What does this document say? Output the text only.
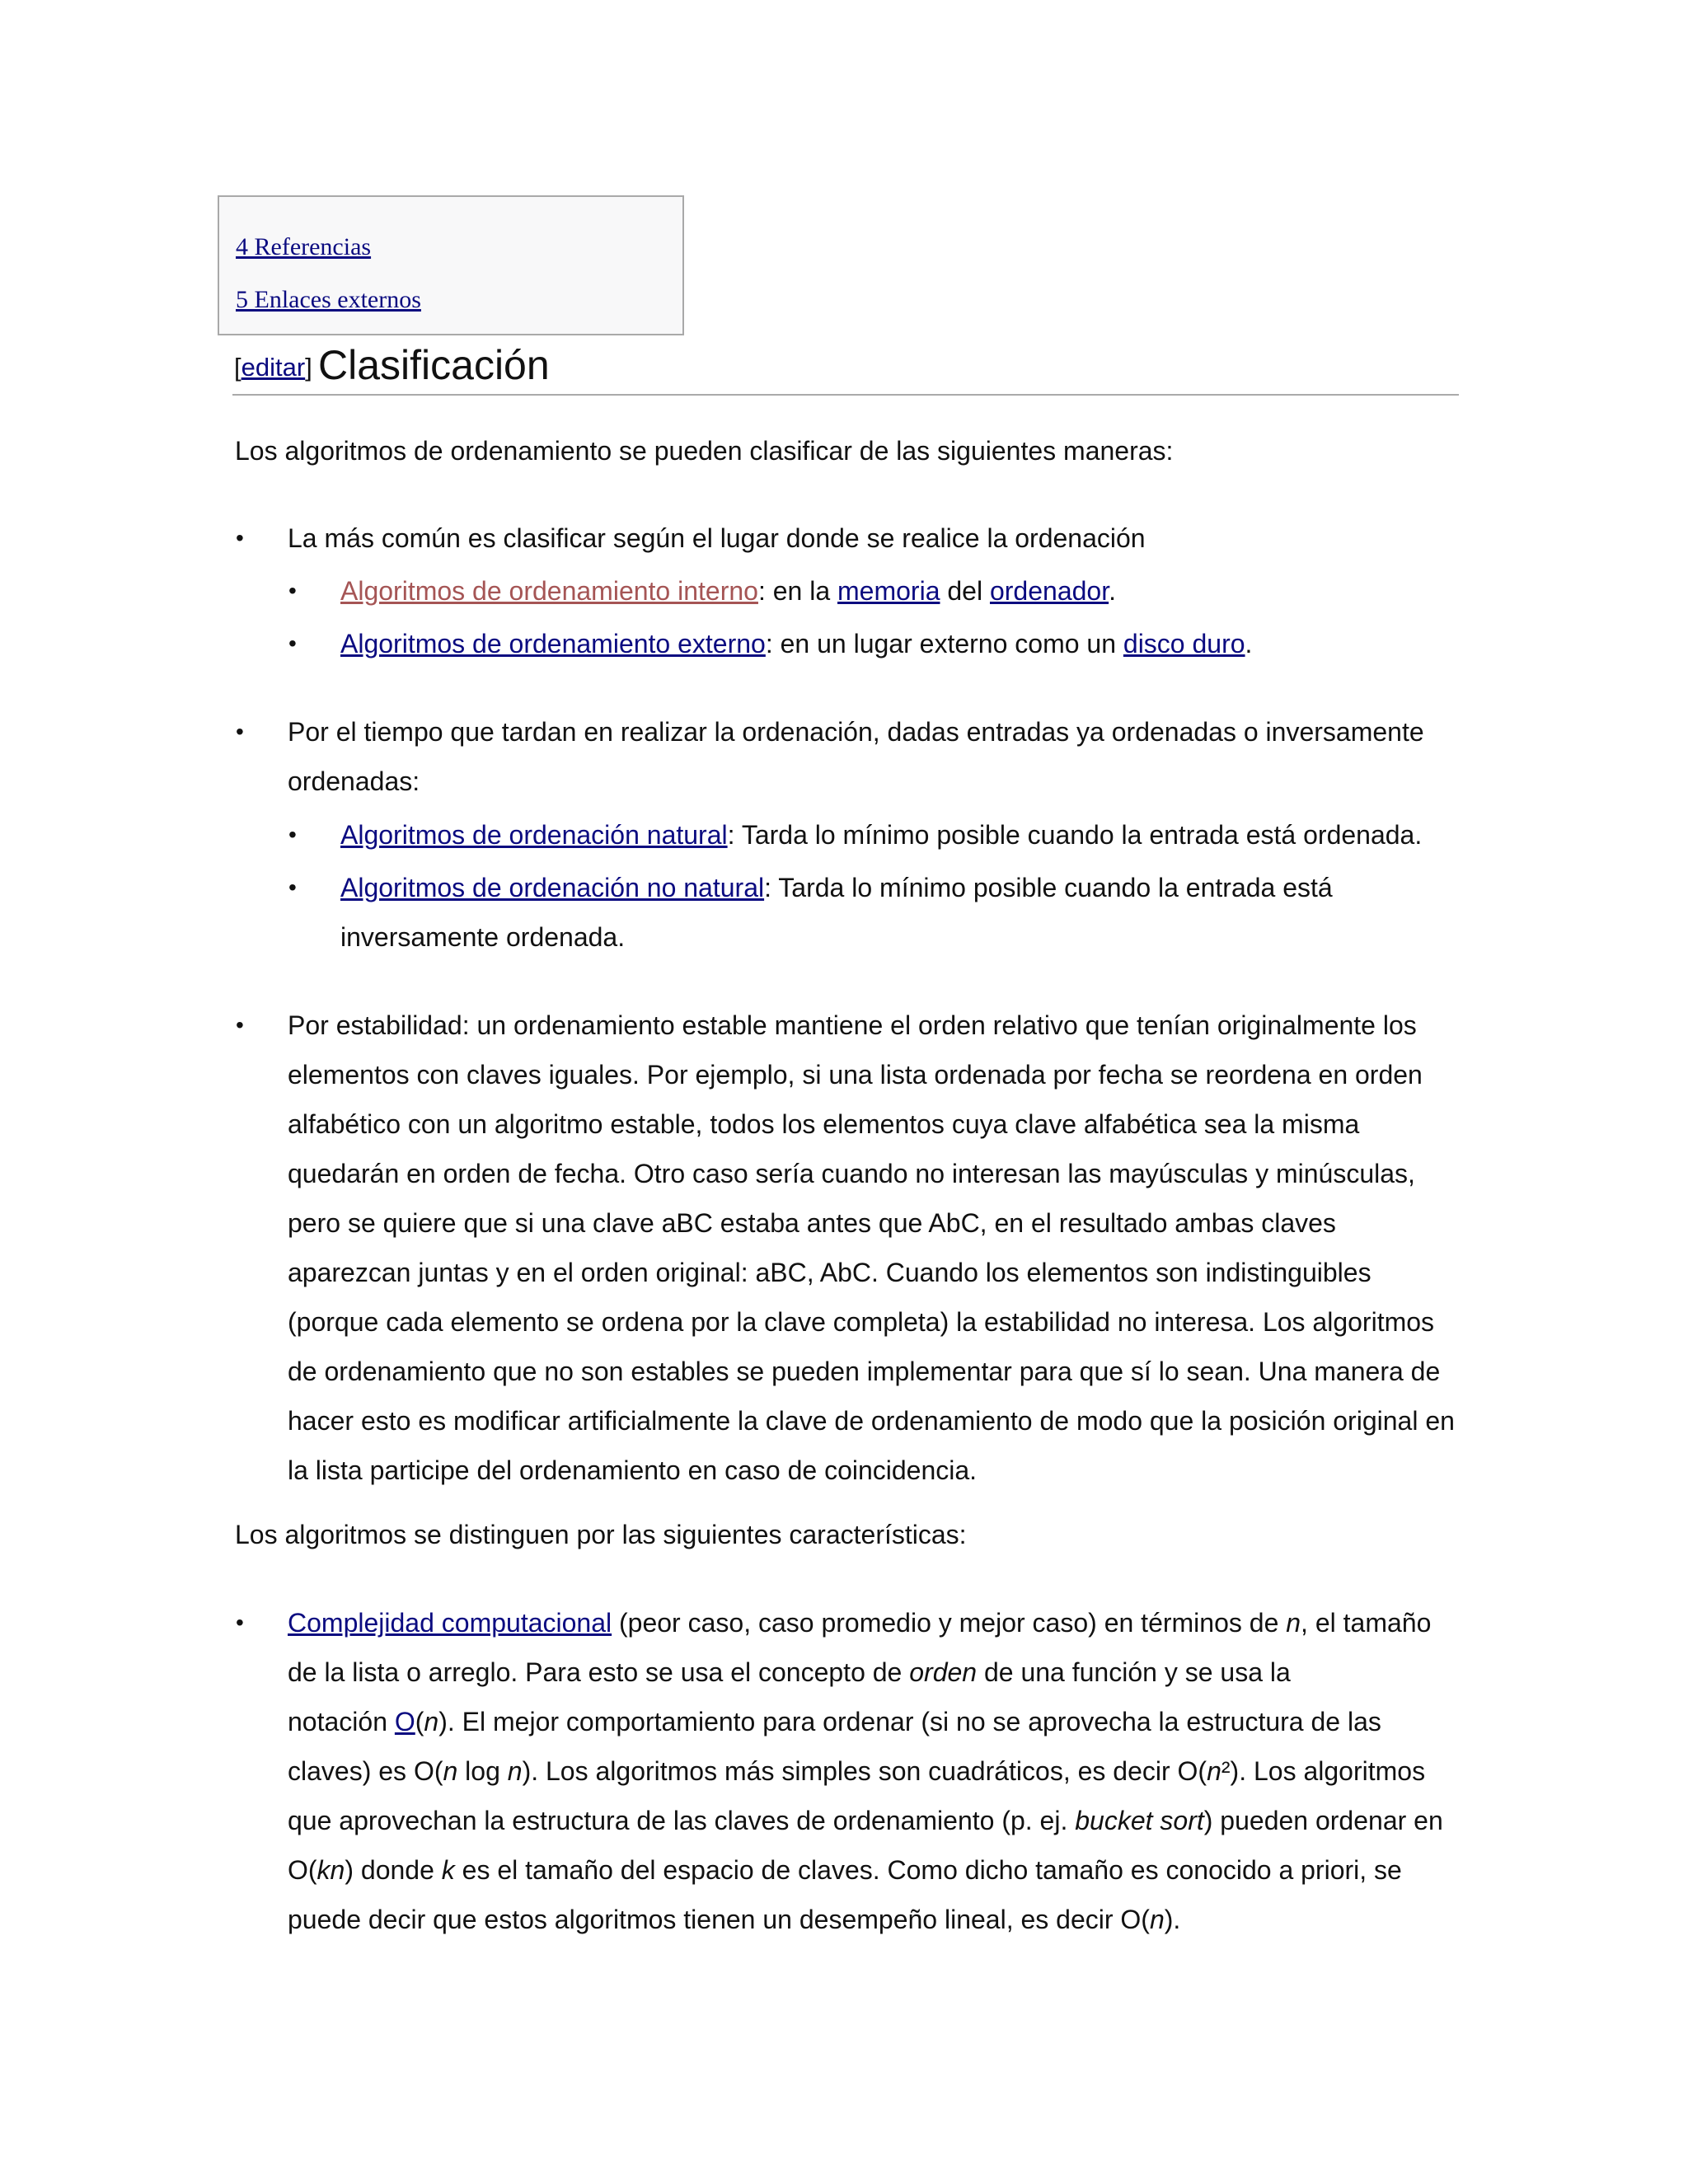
4 Referencias
5 Enlaces externos
[editar] Clasificación
Los algoritmos de ordenamiento se pueden clasificar de las siguientes maneras:
• La más común es clasificar según el lugar donde se realice la ordenación
• Algoritmos de ordenamiento interno: en la memoria del ordenador.
• Algoritmos de ordenamiento externo: en un lugar externo como un disco duro.
• Por el tiempo que tardan en realizar la ordenación, dadas entradas ya ordenadas o inversamente
ordenadas:
• Algoritmos de ordenación natural: Tarda lo mínimo posible cuando la entrada está ordenada.
• Algoritmos de ordenación no natural: Tarda lo mínimo posible cuando la entrada está
inversamente ordenada.
• Por estabilidad: un ordenamiento estable mantiene el orden relativo que tenían originalmente los
elementos con claves iguales. Por ejemplo, si una lista ordenada por fecha se reordena en orden
alfabético con un algoritmo estable, todos los elementos cuya clave alfabética sea la misma
quedarán en orden de fecha. Otro caso sería cuando no interesan las mayúsculas y minúsculas,
pero se quiere que si una clave aBC estaba antes que AbC, en el resultado ambas claves
aparezcan juntas y en el orden original: aBC, AbC. Cuando los elementos son indistinguibles
(porque cada elemento se ordena por la clave completa) la estabilidad no interesa. Los algoritmos
de ordenamiento que no son estables se pueden implementar para que sí lo sean. Una manera de
hacer esto es modificar artificialmente la clave de ordenamiento de modo que la posición original en
la lista participe del ordenamiento en caso de coincidencia.
Los algoritmos se distinguen por las siguientes características:
• Complejidad computacional (peor caso, caso promedio y mejor caso) en términos de n, el tamaño
de la lista o arreglo. Para esto se usa el concepto de orden de una función y se usa la
notación O(n). El mejor comportamiento para ordenar (si no se aprovecha la estructura de las
claves) es O(n log n). Los algoritmos más simples son cuadráticos, es decir O(n²). Los algoritmos
que aprovechan la estructura de las claves de ordenamiento (p. ej. bucket sort) pueden ordenar en
O(kn) donde k es el tamaño del espacio de claves. Como dicho tamaño es conocido a priori, se
puede decir que estos algoritmos tienen un desempeño lineal, es decir O(n).
